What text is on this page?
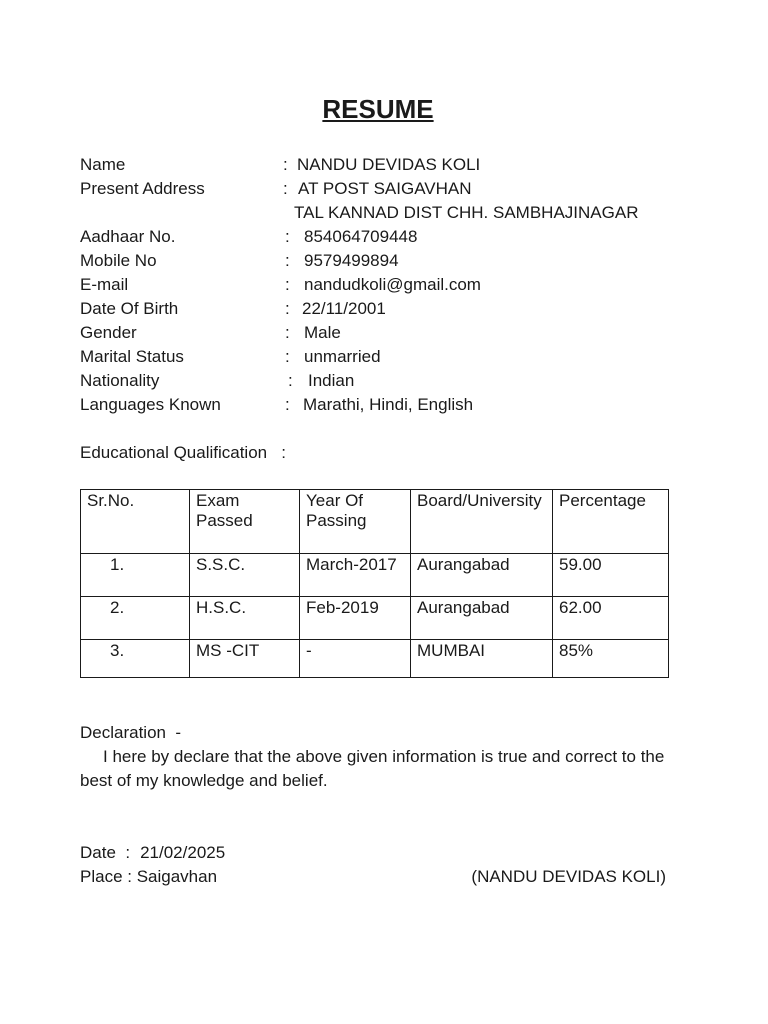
RESUME
Name	: NANDU DEVIDAS KOLI
Present Address	: AT POST SAIGAVHAN
TAL KANNAD DIST CHH. SAMBHAJINAGAR
Aadhaar No.	: 854064709448
Mobile No	: 9579499894
E-mail	: nandudkoli@gmail.com
Date Of Birth	: 22/11/2001
Gender	: Male
Marital Status	: unmarried
Nationality	: Indian
Languages Known	: Marathi, Hindi, English

Educational Qualification   :

Sr.No.	Exam Passed	Year Of Passing	Board/University	Percentage
1.	S.S.C.	March-2017	Aurangabad	59.00
2.	H.S.C.	Feb-2019	Aurangabad	62.00
3.	MS -CIT	-	MUMBAI	85%

Declaration  -

I here by declare that the above given information is true and correct to the best of my knowledge and belief.

Date  : 21/02/2025
Place : Saigavhan	(NANDU DEVIDAS KOLI)
